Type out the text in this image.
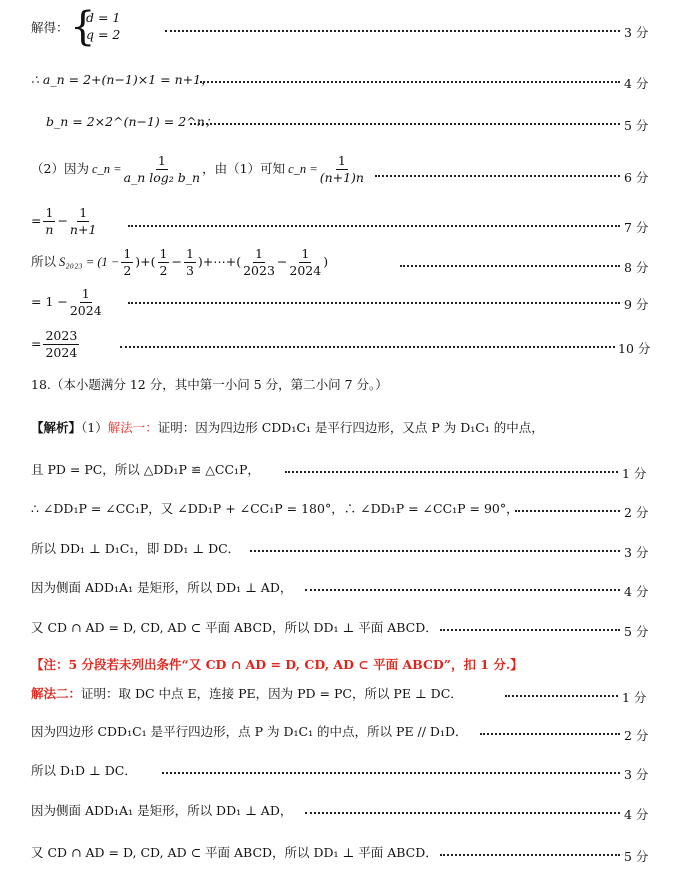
解得： {
d = 1
q = 2	3 分
∴ a_n = 2+(n−1)×1 = n+1，	4 分
b_n = 2×2^(n−1) = 2^n；	5 分
（2）因为 c_n = $\frac{1}{\text{a\_n log₂ b\_n}}$ ，由（1）可知 c_n = $\frac{1}{(n+1)n}$	6 分
= $\frac{1}{n} - \frac{1}{n+1}$	7 分
所以 $S_{2023} = (1 - \frac{1}{2}$ )+( $\frac{1}{2} - \frac{1}{3}$ )+⋯+( $\frac{1}{2023} - \frac{1}{2024}$ )	8 分
= $1 - \frac{1}{2024}$	9 分
= $\frac{2023}{2024}$	10 分
18.（本小题满分 12 分，其中第一小问 5 分，第二小问 7 分。）
【解析】（1）解法一：证明：因为四边形 CDD₁C₁ 是平行四边形，又点 P 为 D₁C₁ 的中点，
且 PD = PC，所以 △DD₁P ≌ △CC₁P，	1 分
∴ ∠DD₁P = ∠CC₁P，又 ∠DD₁P + ∠CC₁P = 180°，∴ ∠DD₁P = ∠CC₁P = 90°，	2 分
所以 DD₁ ⊥ D₁C₁，即 DD₁ ⊥ DC．	3 分
因为侧面 ADD₁A₁ 是矩形，所以 DD₁ ⊥ AD，	4 分
又 CD ∩ AD = D, CD, AD ⊂ 平面 ABCD，所以 DD₁ ⊥ 平面 ABCD．	5 分
【注：5 分段若未列出条件“又 CD ∩ AD = D, CD, AD ⊂ 平面 ABCD”，扣 1 分.】
解法二：证明：取 DC 中点 E，连接 PE，因为 PD = PC，所以 PE ⊥ DC．	1 分
因为四边形 CDD₁C₁ 是平行四边形，点 P 为 D₁C₁ 的中点，所以 PE // D₁D．	2 分
所以 D₁D ⊥ DC．	3 分
因为侧面 ADD₁A₁ 是矩形，所以 DD₁ ⊥ AD，	4 分
又 CD ∩ AD = D, CD, AD ⊂ 平面 ABCD，所以 DD₁ ⊥ 平面 ABCD．	5 分
